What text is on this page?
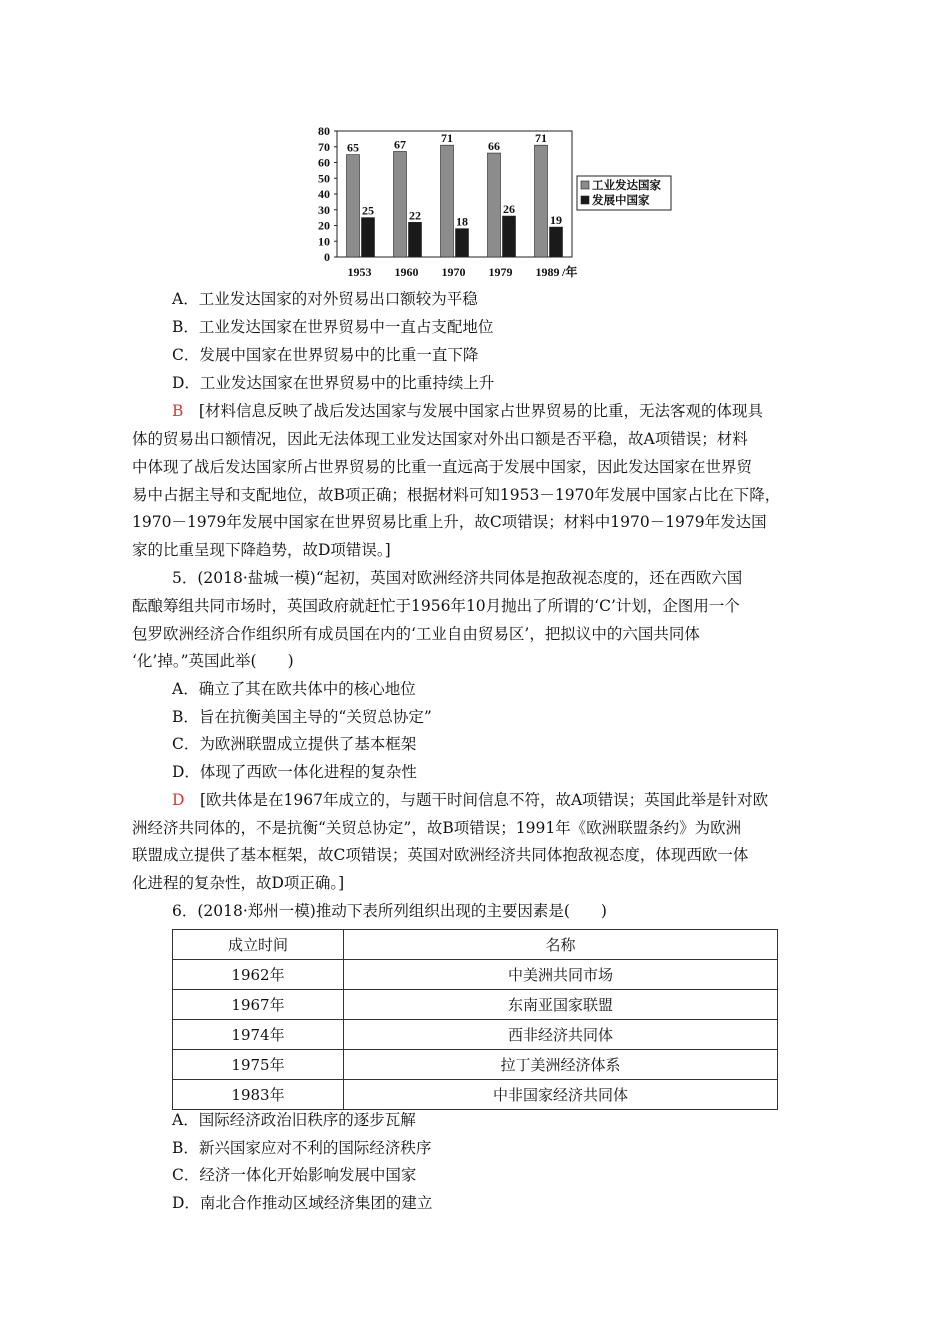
0
10
20
30
40
50
60
70
80
1953 1960 1970 1979 1989 /年
65
25
67
22
71
18
66
26
71
19
工业发达国家
发展中国家
A．工业发达国家的对外贸易出口额较为平稳
B．工业发达国家在世界贸易中一直占支配地位
C．发展中国家在世界贸易中的比重一直下降
D．工业发达国家在世界贸易中的比重持续上升
B　 [材料信息反映了战后发达国家与发展中国家占世界贸易的比重，无法客观的体现具
体的贸易出口额情况，因此无法体现工业发达国家对外出口额是否平稳，故A项错误；材料
中体现了战后发达国家所占世界贸易的比重一直远高于发展中国家，因此发达国家在世界贸
易中占据主导和支配地位，故B项正确；根据材料可知1953－1970年发展中国家占比在下降，
1970－1979年发展中国家在世界贸易比重上升，故C项错误；材料中1970－1979年发达国
家的比重呈现下降趋势，故D项错误。]
5．(2018·盐城一模)“起初，英国对欧洲经济共同体是抱敌视态度的，还在西欧六国
酝酿筹组共同市场时，英国政府就赶忙于1956年10月抛出了所谓的‘C’计划，企图用一个
包罗欧洲经济合作组织所有成员国在内的‘工业自由贸易区’，把拟议中的六国共同体
‘化’掉。”英国此举(　　)
A．确立了其在欧共体中的核心地位
B．旨在抗衡美国主导的“关贸总协定”
C．为欧洲联盟成立提供了基本框架
D．体现了西欧一体化进程的复杂性
D　 [欧共体是在1967年成立的，与题干时间信息不符，故A项错误；英国此举是针对欧
洲经济共同体的，不是抗衡“关贸总协定”，故B项错误；1991年《欧洲联盟条约》为欧洲
联盟成立提供了基本框架，故C项错误；英国对欧洲经济共同体抱敌视态度，体现西欧一体
化进程的复杂性，故D项正确。]
6．(2018·郑州一模)推动下表所列组织出现的主要因素是(　　)
成立时间	名称
1962年	中美洲共同市场
1967年	东南亚国家联盟
1974年	西非经济共同体
1975年	拉丁美洲经济体系
1983年	中非国家经济共同体
A．国际经济政治旧秩序的逐步瓦解
B．新兴国家应对不利的国际经济秩序
C．经济一体化开始影响发展中国家
D．南北合作推动区域经济集团的建立
